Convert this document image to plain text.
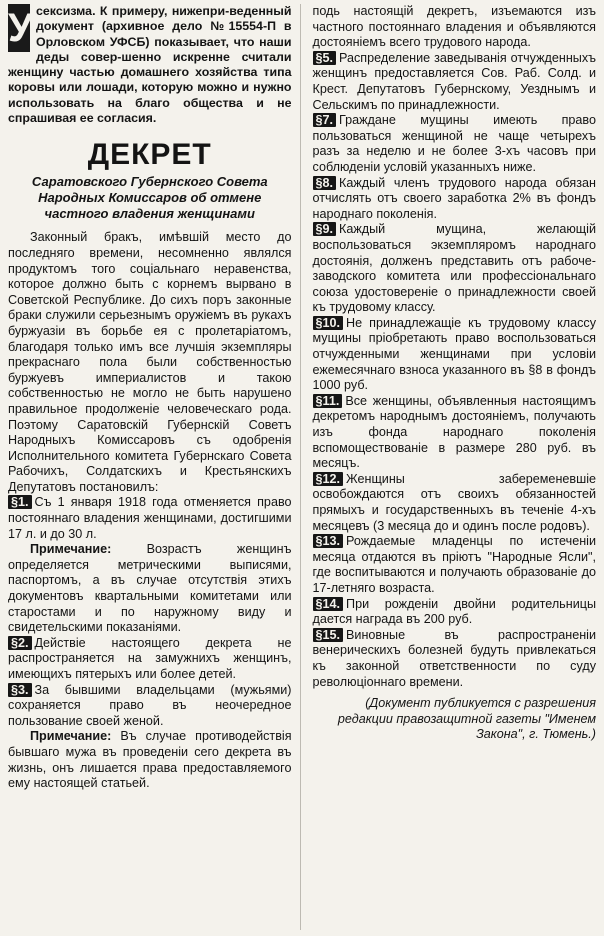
У сексизма. К примеру, нижепри-веденный документ (архивное дело №15554-П в Орловском УФСБ) показывает, что наши деды совер-шенно искренне считали женщину частью домашнего хозяйства типа коровы или лошади, которую можно и нужно использовать на благо общества и не спрашивая ее согласия.

ДЕКРЕТ
Саратовского Губернского Совета Народных Комиссаров об отмене частного владения женщинами

Законный бракъ, имѣвшiй место до последняго времени, несомненно являлся продуктомъ того соцiальнаго неравенства, которое должно быть с корнемъ вырвано в Советской Республике. До сихъ поръ законные браки служили серьезнымъ оружiемъ въ рукахъ буржуазiи въ борьбе ея с пролетарiатомъ, благодаря только имъ все лучшiя экземпляры прекраснаго пола были собственностью буржуевъ империалистов и такою собственностью не могло не быть нарушено правильное продолженiе человеческаго рода. Поэтому Саратовскiй Губернскiй Советъ Народныхъ Комиссаровъ съ одобренiя Исполнительного комитета Губернскаго Совета Рабочихъ, Солдатскихъ и Крестьянскихъ Депутатовъ постановилъ:

§1. Съ 1 января 1918 года отменяется право постояннаго владения женщинами, достигшими 17 л. и до 30 л.

Примечание:	Возрастъ женщинъ определяется метрическими выписями, паспортомъ, а въ случае отсутствiя этихъ документовъ квартальными комитетами или старостами и по наружному виду и свидетельскими показанiями.

§2. Действiе настоящего декрета не распространяется на замужнихъ женщинъ, имеющихъ пятерыхъ или более детей.

§3. За бывшими владельцами (мужьями) сохраняется право въ неочередное пользование своей женой.

Примечание: Въ случае противодействiя бывшаго мужа въ проведенiи сего декрета въ жизнь, онъ лишается права предоставляемого ему настоящей статьей.

подь настоящiй декретъ, изъемаются изъ частного постояннаго владения и объявляются достоянiемъ всего трудового народа.

§5. Распределение заведыванiя отчужденныхъ женщинъ предоставляется Сов. Раб. Солд. и Крест. Депутатовъ Губернскому, Уезднымъ и Сельскимъ по принадлежности.

§7. Граждане мущины имеють право пользоваться женщиной не чаще четырехъ разъ за неделю и не более 3-хъ часовъ при соблюденiи условiй указанныхъ ниже.

§8. Каждый членъ трудового народа обязан отчислять отъ своего заработка 2% въ фондъ народнаго поколенiя.

§9. Каждый мущина, желающiй воспользоваться экземпляромъ народнаго достоянiя, долженъ представить отъ рабоче-заводского комитета или профессiональнаго союза удостоверенiе о принадлежности своей къ трудовому классу.

§10. Не принадлежащiе къ трудовому классу мущины прiобретають право воспользоваться отчужденными женщинами при условiи ежемесячнаго взноса указанного въ §8 в фондъ 1000 руб.

§11. Все женщины, объявленныя настоящимъ декретомъ народнымъ достоянiемъ, получають изъ фонда народнаго поколенiя вспомоществованiе в размере 280 руб. въ месяцъ.

§12. Женщины забеременевшiе освобождаются отъ своихъ обязанностей прямыхъ и государственныхъ въ теченiе 4-хъ месяцевъ (3 месяца до и одинъ после родовъ).

§13. Рождаемые младенцы по истеченiи месяца отдаются въ прiютъ "Народные Ясли", где воспитываются и получають образованiе до 17-летняго возраста.

§14. При рожденiи двойни родительницы дается награда въ 200 руб.

§15. Виновные въ распространенiи венерическихъ болезней будуть привлекаться къ законной ответственности по суду революцiоннаго времени.

(Документ публикуется с разрешения редакции правозащитной газеты "Именем Закона", г. Тюмень.)
